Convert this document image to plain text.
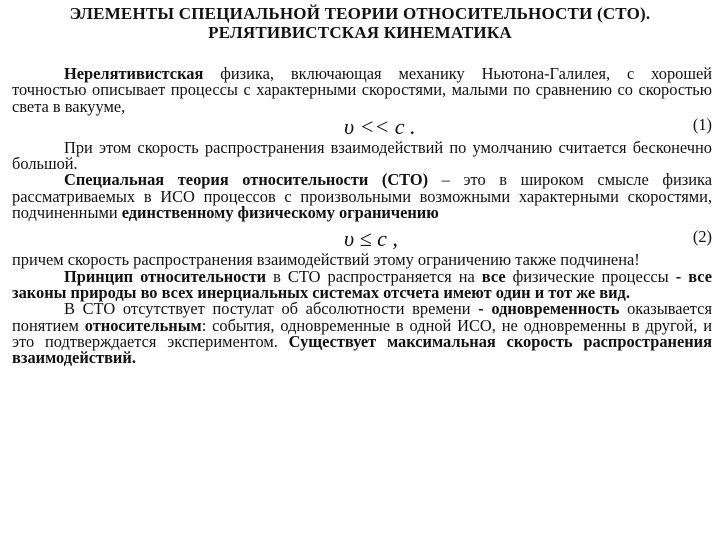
ЭЛЕМЕНТЫ СПЕЦИАЛЬНОЙ ТЕОРИИ ОТНОСИТЕЛЬНОСТИ (СТО).
РЕЛЯТИВИСТСКАЯ КИНЕМАТИКА

Нерелятивистская физика, включающая механику Ньютона-Галилея, с хорошей точностью описывает процессы с характерными скоростями, малыми по сравнению со скоростью света в вакууме,

υ << c .	(1)

При этом скорость распространения взаимодействий по умолчанию считается бесконечно большой.

Специальная теория относительности (СТО) – это в широком смысле физика рассматриваемых в ИСО процессов с произвольными возможными характерными скоростями, подчиненными единственному физическому ограничению

υ ≤ c ,	(2)

причем скорость распространения взаимодействий этому ограничению также подчинена!

Принцип относительности в СТО распространяется на все физические процессы - все законы природы во всех инерциальных системах отсчета имеют один и тот же вид.

В СТО отсутствует постулат об абсолютности времени - одновременность оказывается понятием относительным: события, одновременные в одной ИСО, не одновременны в другой, и это подтверждается экспериментом. Существует максимальная скорость распространения взаимодействий.
